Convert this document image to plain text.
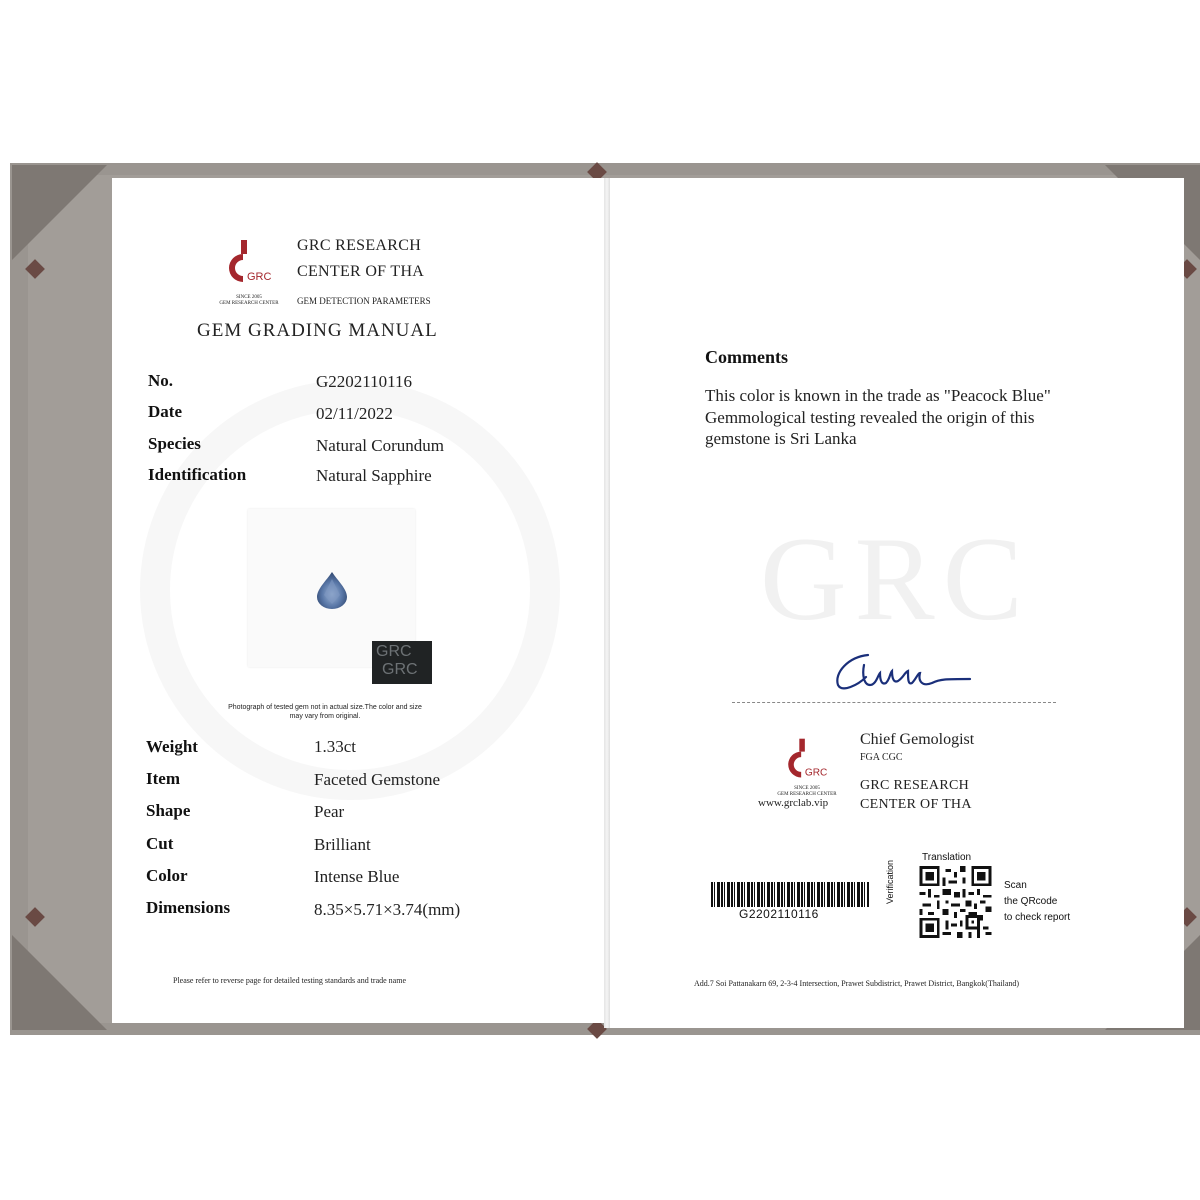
GRC
GRC
SINCE 2005
GEM RESEARCH CENTER
GRC RESEARCH
CENTER OF THA
GEM DETECTION PARAMETERS
GEM GRADING MANUAL
No.	G2202110116
Date	02/11/2022
Species	Natural Corundum
Identification	Natural Sapphire
GRC
GRC
Photograph of tested gem not in actual size.The color and size may vary from original.
Weight	1.33ct
Item	Faceted Gemstone
Shape	Pear
Cut	Brilliant
Color	Intense Blue
Dimensions	8.35×5.71×3.74(mm)
Please refer to reverse page for detailed testing standards and trade name
Comments
This color is known in the trade as "Peacock Blue"
Gemmological testing revealed the origin of this
gemstone is Sri Lanka
GRC
SINCE 2005
GEM RESEARCH CENTER
www.grclab.vip
Chief Gemologist
FGA CGC
GRC RESEARCH
CENTER OF THA
G2202110116
Translation
Verification	Scan
the QRcode
to check report
Add.7 Soi Pattanakarn 69, 2-3-4 Intersection, Prawet Subdistrict, Prawet District, Bangkok(Thailand)
